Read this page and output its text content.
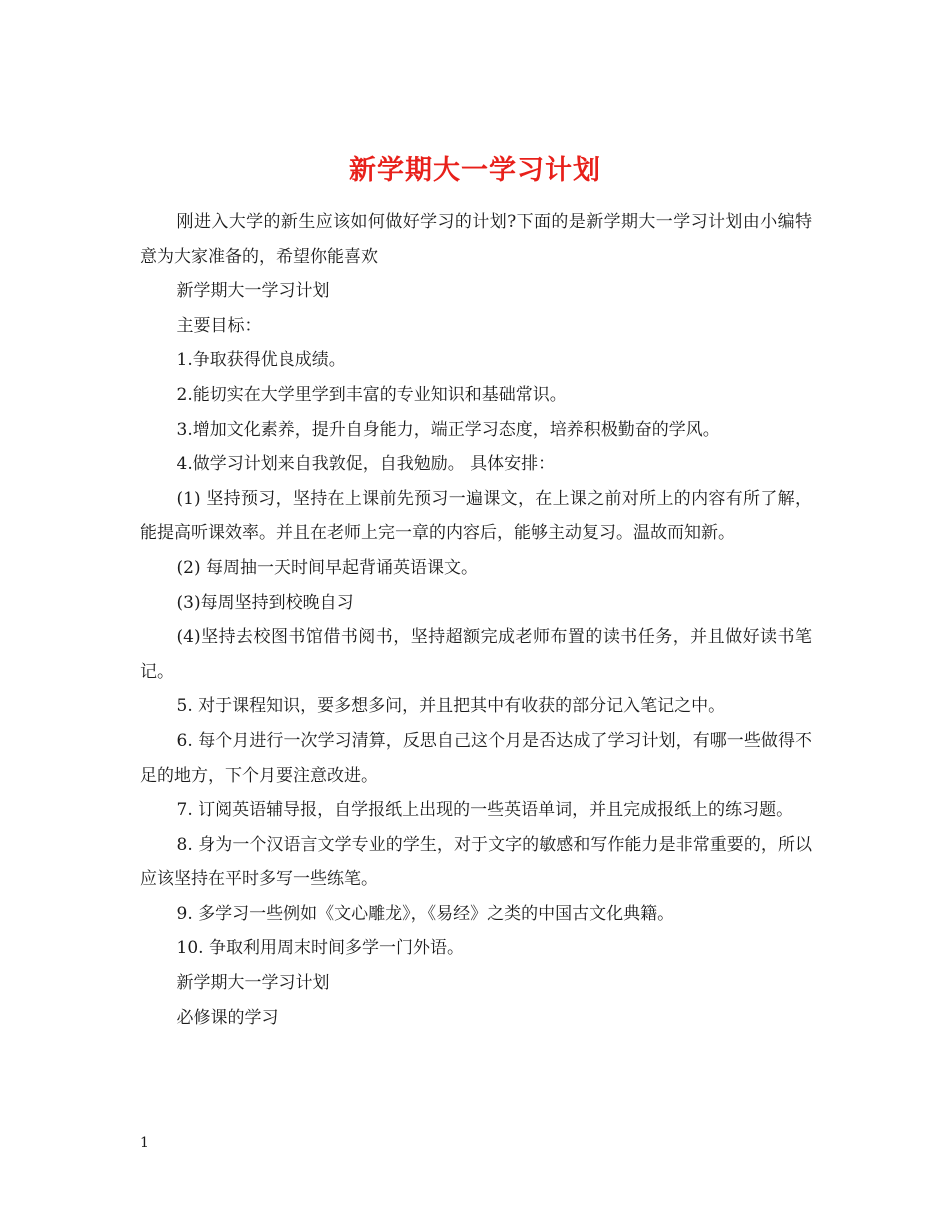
新学期大一学习计划

刚进入大学的新生应该如何做好学习的计划?下面的是新学期大一学习计划由小编特意为大家准备的，希望你能喜欢

新学期大一学习计划

主要目标：

1.争取获得优良成绩。

2.能切实在大学里学到丰富的专业知识和基础常识。

3.增加文化素养，提升自身能力，端正学习态度，培养积极勤奋的学风。

4.做学习计划来自我敦促，自我勉励。 具体安排：

(1) 坚持预习，坚持在上课前先预习一遍课文，在上课之前对所上的内容有所了解，能提高听课效率。并且在老师上完一章的内容后，能够主动复习。温故而知新。

(2) 每周抽一天时间早起背诵英语课文。

(3)每周坚持到校晚自习

(4)坚持去校图书馆借书阅书，坚持超额完成老师布置的读书任务，并且做好读书笔记。

5. 对于课程知识，要多想多问，并且把其中有收获的部分记入笔记之中。

6. 每个月进行一次学习清算，反思自己这个月是否达成了学习计划，有哪一些做得不足的地方，下个月要注意改进。

7. 订阅英语辅导报，自学报纸上出现的一些英语单词，并且完成报纸上的练习题。

8. 身为一个汉语言文学专业的学生，对于文字的敏感和写作能力是非常重要的，所以应该坚持在平时多写一些练笔。

9. 多学习一些例如《文心雕龙》，《易经》之类的中国古文化典籍。

10. 争取利用周末时间多学一门外语。

新学期大一学习计划

必修课的学习

1
